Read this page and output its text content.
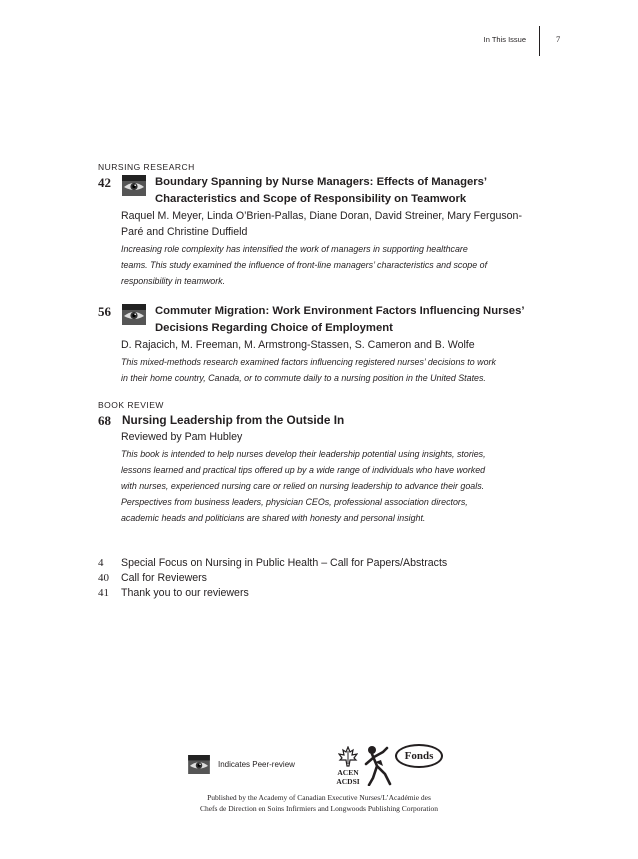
In This Issue	7
NURSING RESEARCH
42	Boundary Spanning by Nurse Managers: Effects of Managers’
Characteristics and Scope of Responsibility on Teamwork
Raquel M. Meyer, Linda O’Brien-Pallas, Diane Doran, David Streiner, Mary Ferguson-
Paré and Christine Duffield
Increasing role complexity has intensified the work of managers in supporting healthcare
teams. This study examined the influence of front-line managers’ characteristics and scope of
responsibility in teamwork.
56	Commuter Migration: Work Environment Factors Influencing Nurses’
Decisions Regarding Choice of Employment
D. Rajacich, M. Freeman, M. Armstrong-Stassen, S. Cameron and B. Wolfe
This mixed-methods research examined factors influencing registered nurses’ decisions to work
in their home country, Canada, or to commute daily to a nursing position in the United States.
BOOK REVIEW
68 Nursing Leadership from the Outside In
Reviewed by Pam Hubley
This book is intended to help nurses develop their leadership potential using insights, stories,
lessons learned and practical tips offered up by a wide range of individuals who have worked
with nurses, experienced nursing care or relied on nursing leadership to advance their goals.
Perspectives from business leaders, physician CEOs, professional association directors,
academic heads and politicians are shared with honesty and personal insight.
4	Special Focus on Nursing in Public Health – Call for Papers/Abstracts
40	Call for Reviewers
41	Thank you to our reviewers
Indicates Peer-review
ACEN
ACDSI
Fonds
Published by the Academy of Canadian Executive Nurses/L’Académie des
Chefs de Direction en Soins Infirmiers and Longwoods Publishing Corporation
